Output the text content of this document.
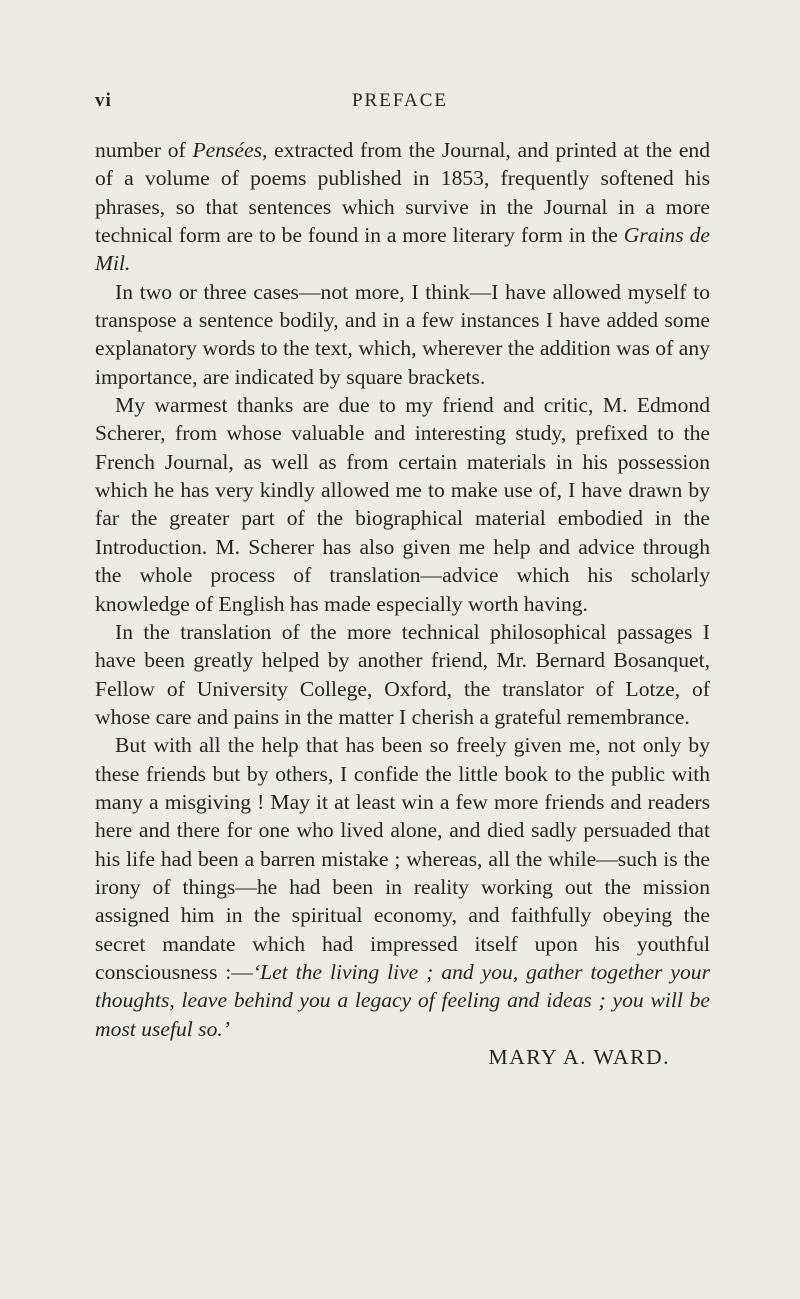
vi	PREFACE

number of Pensées, extracted from the Journal, and printed at the end of a volume of poems published in 1853, frequently softened his phrases, so that sentences which survive in the Journal in a more technical form are to be found in a more literary form in the Grains de Mil.

In two or three cases—not more, I think—I have allowed myself to transpose a sentence bodily, and in a few instances I have added some explanatory words to the text, which, wherever the addition was of any importance, are indicated by square brackets.

My warmest thanks are due to my friend and critic, M. Edmond Scherer, from whose valuable and interesting study, prefixed to the French Journal, as well as from certain materials in his possession which he has very kindly allowed me to make use of, I have drawn by far the greater part of the biographical material embodied in the Introduction. M. Scherer has also given me help and advice through the whole process of translation—advice which his scholarly knowledge of English has made especially worth having.

In the translation of the more technical philosophical passages I have been greatly helped by another friend, Mr. Bernard Bosanquet, Fellow of University College, Oxford, the translator of Lotze, of whose care and pains in the matter I cherish a grateful remembrance.

But with all the help that has been so freely given me, not only by these friends but by others, I confide the little book to the public with many a misgiving ! May it at least win a few more friends and readers here and there for one who lived alone, and died sadly persuaded that his life had been a barren mistake ; whereas, all the while—such is the irony of things—he had been in reality working out the mission assigned him in the spiritual economy, and faithfully obeying the secret mandate which had impressed itself upon his youthful consciousness :—‘Let the living live ; and you, gather together your thoughts, leave behind you a legacy of feeling and ideas ; you will be most useful so.’

MARY A. WARD.
